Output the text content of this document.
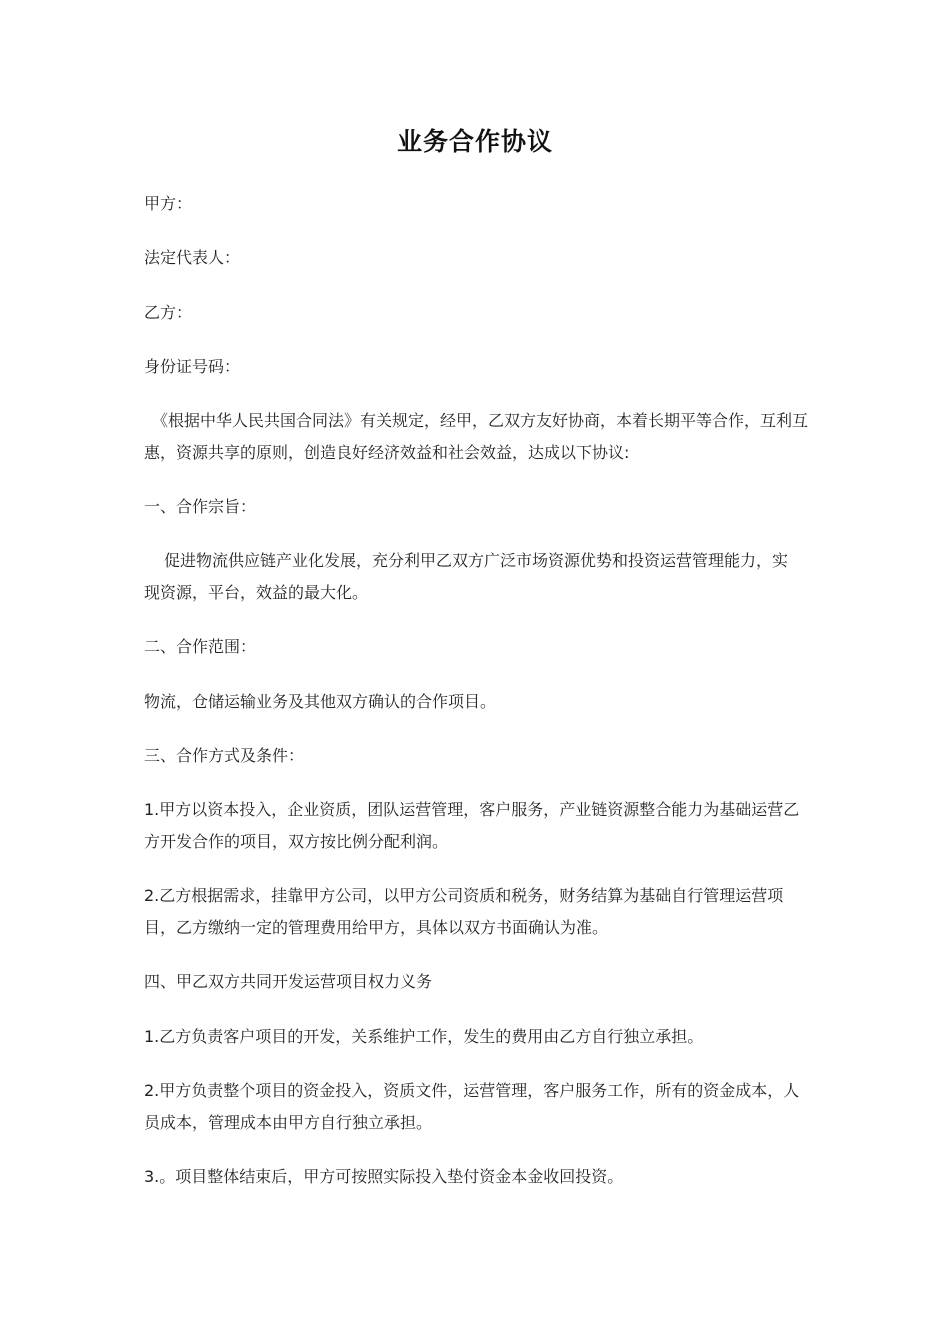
业务合作协议

甲方：

法定代表人：

乙方：

身份证号码：

《根据中华人民共国合同法》有关规定，经甲，乙双方友好协商，本着长期平等合作，互利互

惠，资源共享的原则，创造良好经济效益和社会效益，达成以下协议:

一、合作宗旨：

促进物流供应链产业化发展，充分利甲乙双方广泛市场资源优势和投资运营管理能力，实

现资源，平台，效益的最大化。

二、合作范围：

物流，仓储运输业务及其他双方确认的合作项目。

三、合作方式及条件：

1.甲方以资本投入，企业资质，团队运营管理，客户服务，产业链资源整合能力为基础运营乙

方开发合作的项目，双方按比例分配利润。

2.乙方根据需求，挂靠甲方公司，以甲方公司资质和税务，财务结算为基础自行管理运营项

目，乙方缴纳一定的管理费用给甲方，具体以双方书面确认为准。

四、甲乙双方共同开发运营项目权力义务

1.乙方负责客户项目的开发，关系维护工作，发生的费用由乙方自行独立承担。

2.甲方负责整个项目的资金投入，资质文件，运营管理，客户服务工作，所有的资金成本，人

员成本，管理成本由甲方自行独立承担。

3.。项目整体结束后，甲方可按照实际投入垫付资金本金收回投资。
